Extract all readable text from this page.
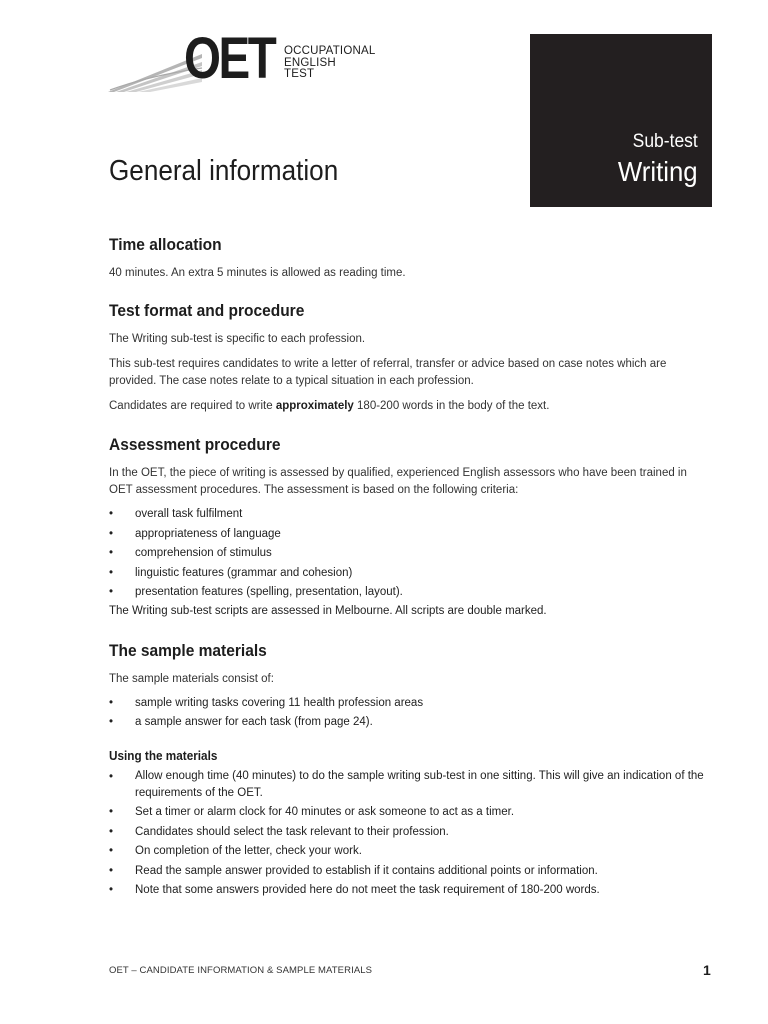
OET OCCUPATIONAL
ENGLISH
TEST
Sub-test
Writing
General information
Time allocation

40 minutes. An extra 5 minutes is allowed as reading time.

Test format and procedure

The Writing sub-test is specific to each profession.

This sub-test requires candidates to write a letter of referral, transfer or advice based on case notes which are provided. The case notes relate to a typical situation in each profession.

Candidates are required to write approximately 180-200 words in the body of the text.

Assessment procedure

In the OET, the piece of writing is assessed by qualified, experienced English assessors who have been trained in OET assessment procedures. The assessment is based on the following criteria:

• overall task fulfilment
• appropriateness of language
• comprehension of stimulus
• linguistic features (grammar and cohesion)
• presentation features (spelling, presentation, layout).

The Writing sub-test scripts are assessed in Melbourne. All scripts are double marked.

The sample materials

The sample materials consist of:

• sample writing tasks covering 11 health profession areas
• a sample answer for each task (from page 24).
Using the materials
• Allow enough time (40 minutes) to do the sample writing sub-test in one sitting. This will give an indication of the requirements of the OET.
• Set a timer or alarm clock for 40 minutes or ask someone to act as a timer.
• Candidates should select the task relevant to their profession.
• On completion of the letter, check your work.
• Read the sample answer provided to establish if it contains additional points or information.
• Note that some answers provided here do not meet the task requirement of 180-200 words.
OET – CANDIDATE INFORMATION & SAMPLE MATERIALS	1
